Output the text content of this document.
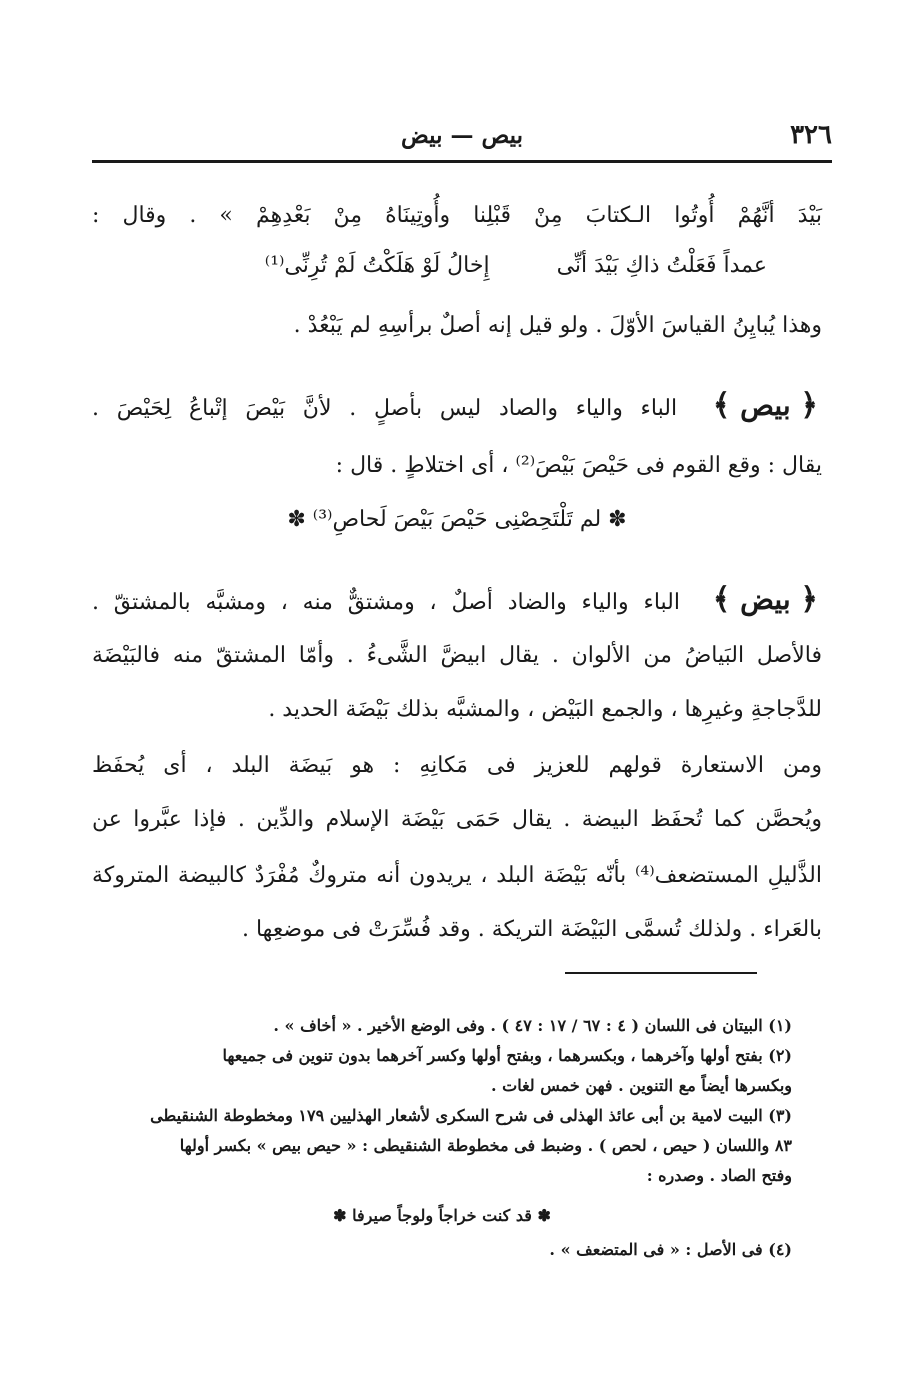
٣٢٦
بيص — بيض
بَيْدَ أنَّهُمْ أُوتُوا الـكتابَ مِنْ قَبْلِنا وأُوتِينَاهُ مِنْ بَعْدِهِمْ » . وقال :
عمداً فَعَلْتُ ذاكِ بَيْدَ أنِّى إِخالُ لَوْ هَلَكْتُ لَمْ تُرِنِّى⁽¹⁾
وهذا يُبايِنُ القياسَ الأوّلَ . ولو قيل إنه أصلٌ برأسِهِ لم يَبْعُدْ .
﴿ بيص ﴾ الباء والياء والصاد ليس بأصلٍ . لأنَّ بَيْصَ إتْباعُ لِحَيْصَ .
يقال : وقع القوم فى حَيْصَ بَيْصَ⁽²⁾ ، أى اختلاطٍ . قال :
✽ لم تَلْتَحِصْنِى حَيْصَ بَيْصَ لَحاصِ⁽³⁾ ✽
﴿ بيض ﴾ الباء والياء والضاد أصلٌ ، ومشتقٌّ منه ، ومشبَّه بالمشتقّ .
فالأصل البَياضُ من الألوان . يقال ابيضَّ الشَّىءُ . وأمّا المشتقّ منه فالبَيْضَة
للدَّجاجةِ وغيرِها ، والجمع البَيْض ، والمشبَّه بذلك بَيْضَة الحديد .
ومن الاستعارة قولهم للعزيز فى مَكانِهِ : هو بَيضَة البلد ، أى يُحفَظ
ويُحصَّن كما تُحفَظ البيضة . يقال حَمَى بَيْضَة الإسلام والدِّين . فإذا عبَّروا عن
الذَّليلِ المستضعف⁽⁴⁾ بأنّه بَيْضَة البلد ، يريدون أنه متروكٌ مُفْرَدٌ كالبيضة المتروكة
بالعَراء . ولذلك تُسمَّى البَيْضَة التريكة . وقد فُسِّرَتْ فى موضعِها .
(١) البيتان فى اللسان ( ٤ : ٦٧ / ١٧ : ٤٧ ) . وفى الوضع الأخير . « أخاف » .
(٢) بفتح أولها وآخرهما ، وبكسرهما ، وبفتح أولها وكسر آخرهما بدون تنوين فى جميعها
وبكسرها أيضاً مع التنوين . فهن خمس لغات .
(٣) البيت لامية بن أبى عائذ الهذلى فى شرح السكرى لأشعار الهذليين ١٧٩ ومخطوطة الشنقيطى
٨٣ واللسان ( حيص ، لحص ) . وضبط فى مخطوطة الشنقيطى : « حيص بيص » بكسر أولها
وفتح الصاد . وصدره :
✽ قد كنت خراجاً ولوجاً صيرفا ✽
(٤) فى الأصل : « فى المتضعف » .
